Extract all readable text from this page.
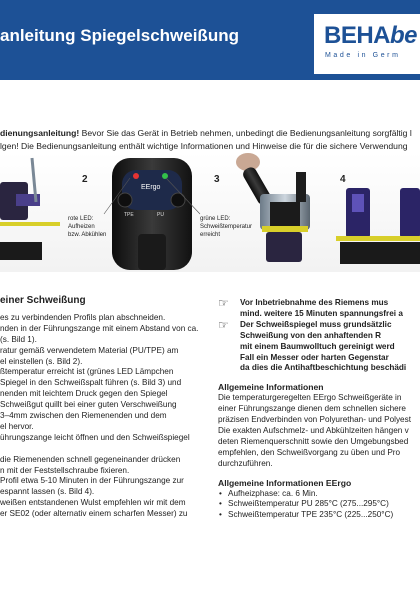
anleitung Spiegelschweißung	BEHAbe
Made in Germ

dienungsanleitung! Bevor Sie das Gerät in Betrieb nehmen, unbedingt die Bedienungsanleitung sorgfältig l

lgen! Die Bedienungsanleitung enthält wichtige Informationen und Hinweise die für die sichere Verwendung

2
EErgo
TPE	PU
rote LED:
Aufheizen
bzw. Abkühlen
grüne LED:
Schweißtemperatur
erreicht
3	4
einer Schweißung

es zu verbindenden Profils plan abschneiden.

nden in der Führungszange mit einem Abstand von ca.

(s. Bild 1).

ratur gemäß verwendetem Material (PU/TPE) am

el einstellen (s. Bild 2).

ßtemperatur erreicht ist (grünes LED Lämpchen

Spiegel in den Schweißspalt führen (s. Bild 3) und

nenden mit leichtem Druck gegen den Spiegel

Schweißgut quillt bei einer guten Verschweißung

3–4mm zwischen den Riemenenden und dem

el hervor.

ührungszange leicht öffnen und den Schweißspiegel

die Riemenenden schnell gegeneinander drücken

n mit der Feststellschraube fixieren.

Profil etwa 5-10 Minuten in der Führungszange zur

espannt lassen (s. Bild 4).

weißen entstandenen Wulst empfehlen wir mit dem

er SE02 (oder alternativ einem scharfen Messer) zu

☞	Vor Inbetriebnahme des Riemens mus

mind. weitere 15 Minuten spannungsfrei a

☞	Der Schweißspiegel muss grundsätzlic

Schweißung von den anhaftenden R

mit einem Baumwolltuch gereinigt werd

Fall ein Messer oder harten Gegenstar

da dies die Antihaftbeschichtung beschädi

Allgemeine Informationen

Die temperaturgeregelten EErgo Schweißgeräte in

einer Führungszange dienen dem schnellen sichere

präzisen Endverbinden von Polyurethan- und Polyest

Die exakten Aufschmelz- und Abkühlzeiten hängen v

deten Riemenquerschnitt sowie den Umgebungsbed

empfehlen, den Schweißvorgang zu üben und Pro

durchzuführen.

Allgemeine Informationen EErgo

• Aufheizphase: ca. 6 Min.
• Schweißtemperatur PU 285°C (275...295°C)
• Schweißtemperatur TPE 235°C (225...250°C)
